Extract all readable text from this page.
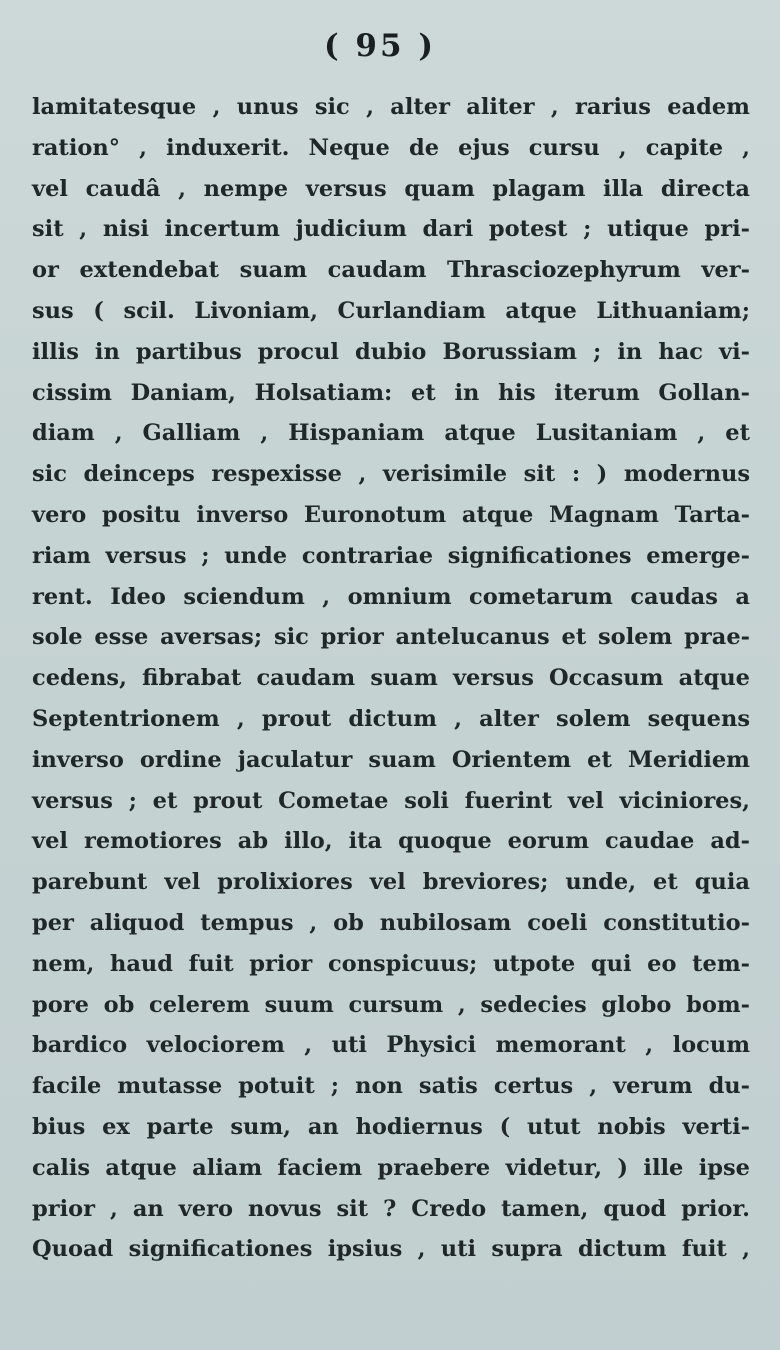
( 95 )
lamitatesque , unus sic , alter aliter , rarius eadem
ration° , induxerit. Neque de ejus cursu , capite ,
vel caudâ , nempe versus quam plagam illa directa
sit , nisi incertum judicium dari potest ; utique pri-
or extendebat suam caudam Thrasciozephyrum ver-
sus ( scil. Livoniam, Curlandiam atque Lithuaniam;
illis in partibus procul dubio Borussiam ; in hac vi-
cissim Daniam, Holsatiam: et in his iterum Gollan-
diam , Galliam , Hispaniam atque Lusitaniam , et
sic deinceps respexisse , verisimile sit : ) modernus
vero positu inverso Euronotum atque Magnam Tarta-
riam versus ; unde contrariae significationes emerge-
rent. Ideo sciendum , omnium cometarum caudas a
sole esse aversas; sic prior antelucanus et solem prae-
cedens, fibrabat caudam suam versus Occasum atque
Septentrionem , prout dictum , alter solem sequens
inverso ordine jaculatur suam Orientem et Meridiem
versus ; et prout Cometae soli fuerint vel viciniores,
vel remotiores ab illo, ita quoque eorum caudae ad-
parebunt vel prolixiores vel breviores; unde, et quia
per aliquod tempus , ob nubilosam coeli constitutio-
nem, haud fuit prior conspicuus; utpote qui eo tem-
pore ob celerem suum cursum , sedecies globo bom-
bardico velociorem , uti Physici memorant , locum
facile mutasse potuit ; non satis certus , verum du-
bius ex parte sum, an hodiernus ( utut nobis verti-
calis atque aliam faciem praebere videtur, ) ille ipse
prior , an vero novus sit ? Credo tamen, quod prior.
Quoad significationes ipsius , uti supra dictum fuit ,
